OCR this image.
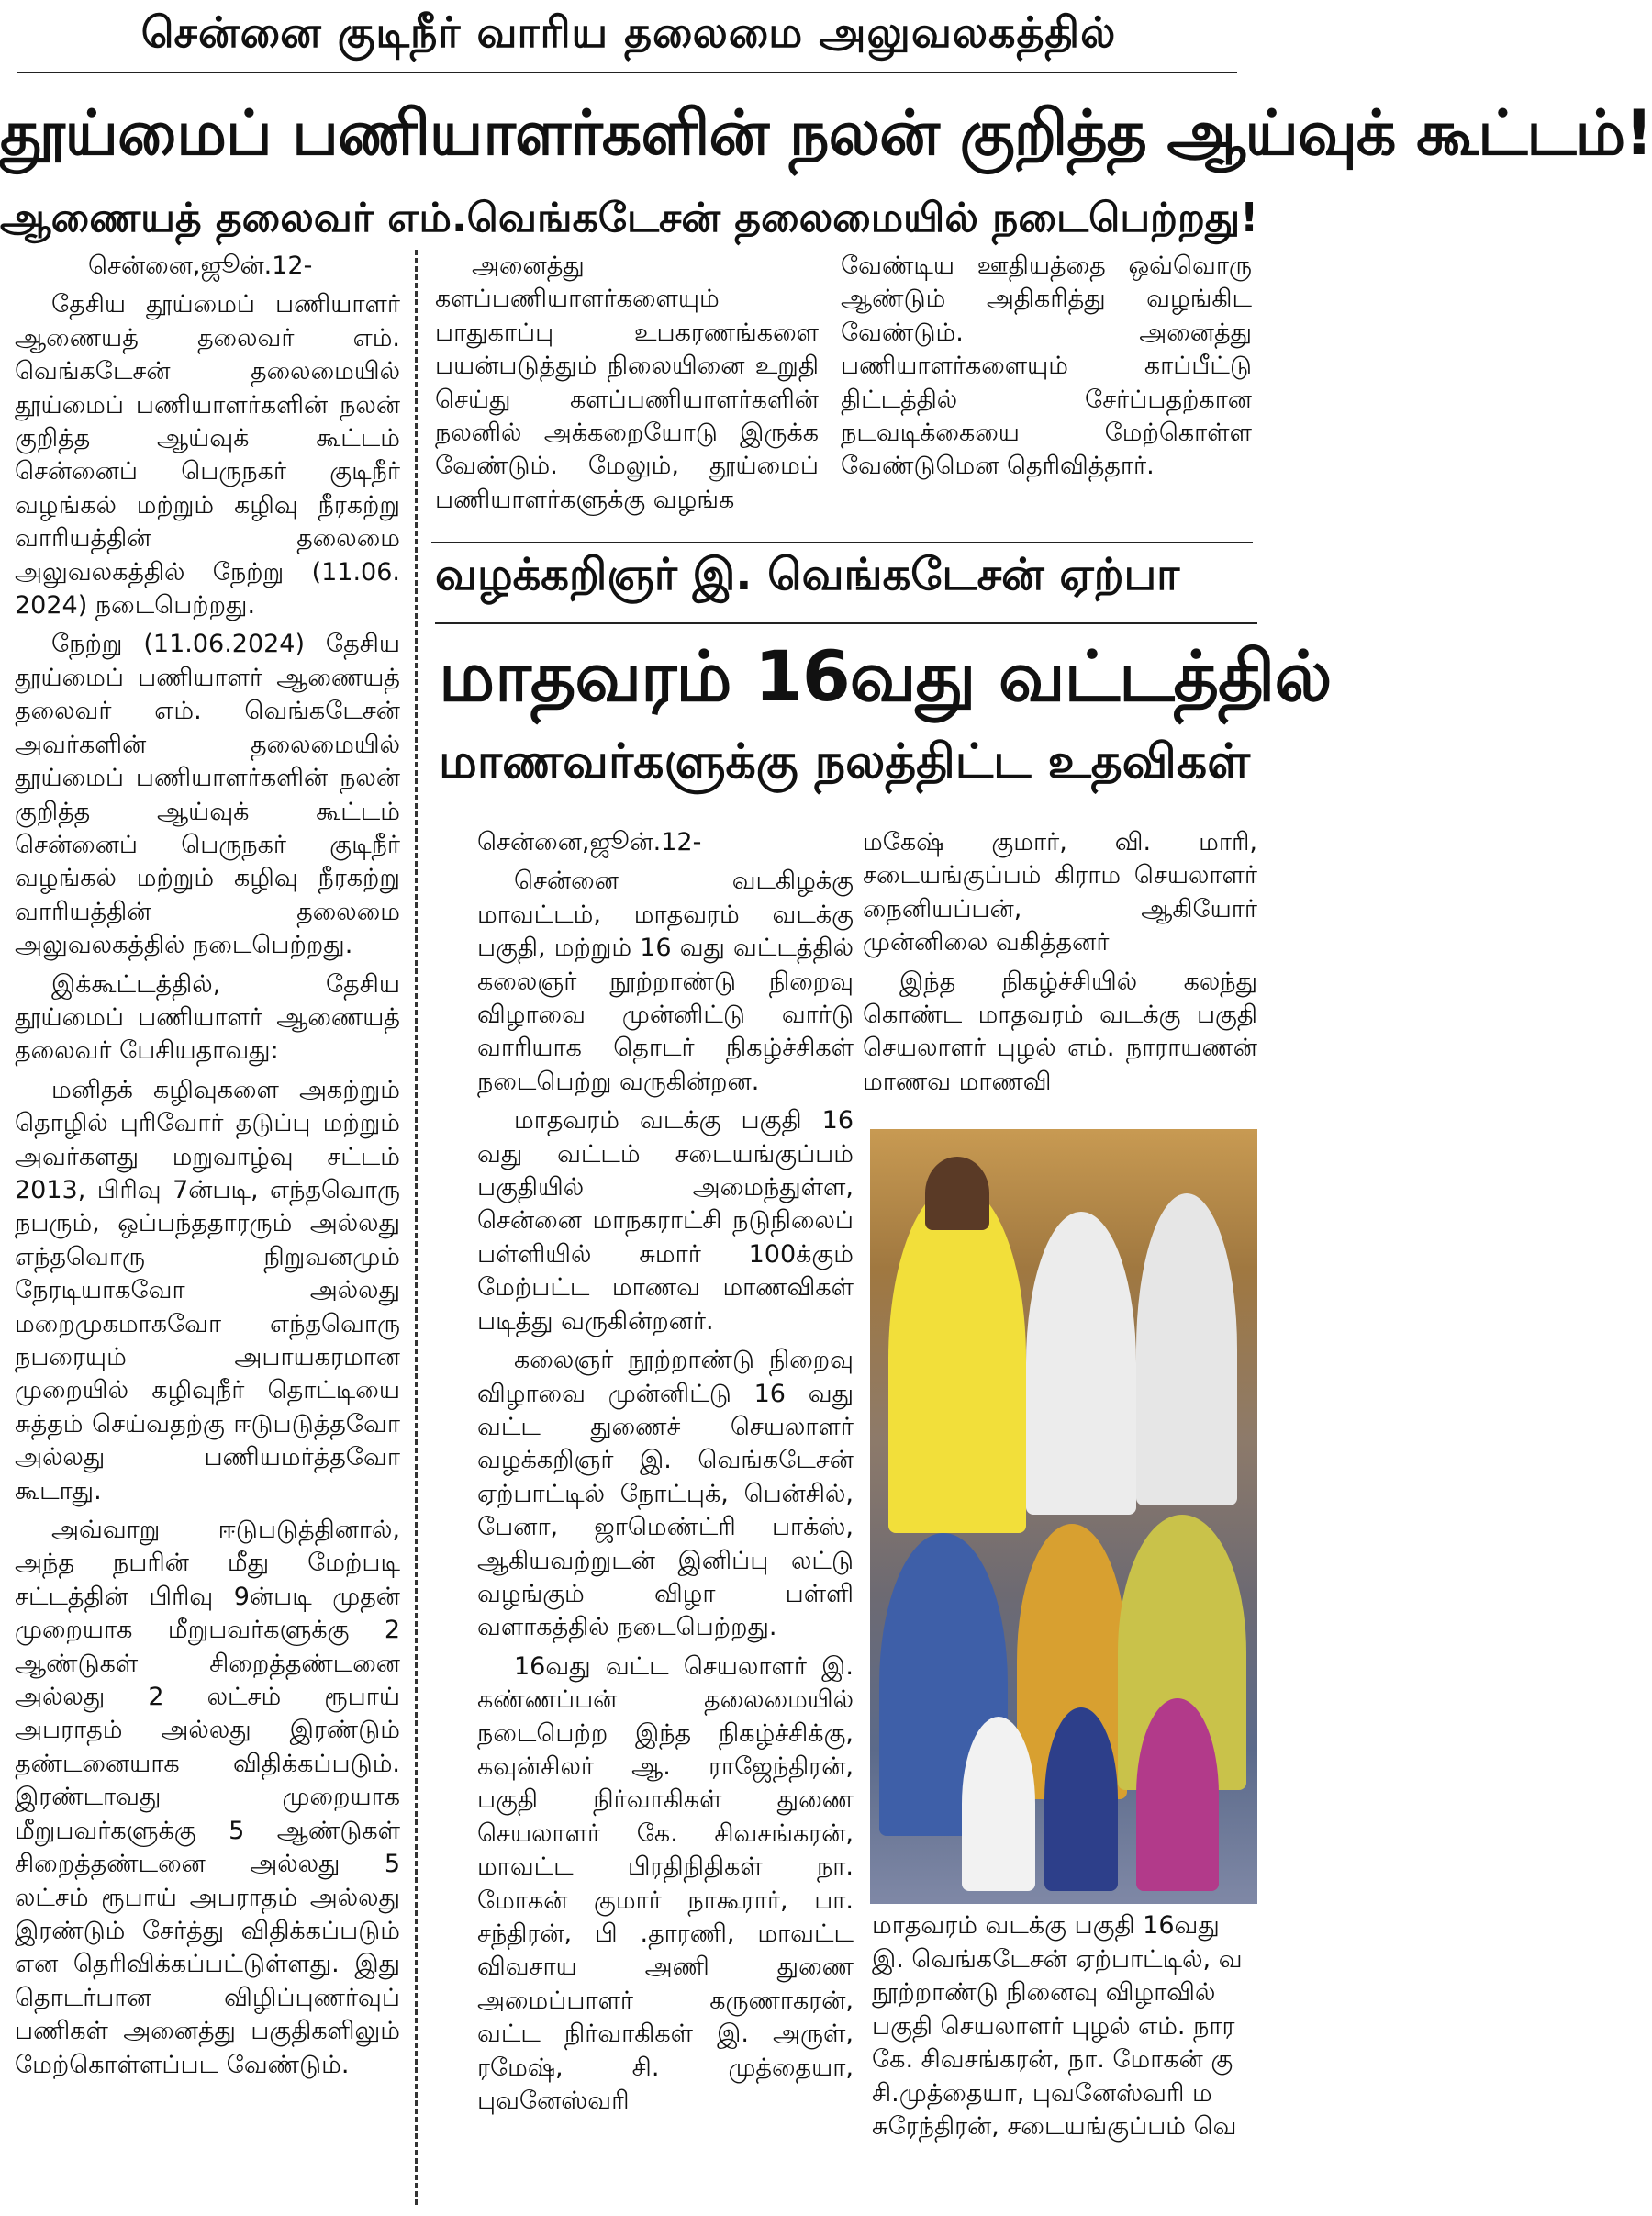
சென்னை குடிநீர் வாரிய தலைமை அலுவலகத்தில்
தூய்மைப் பணியாளர்களின் நலன் குறித்த ஆய்வுக் கூட்டம்!
ஆணையத் தலைவர் எம்.வெங்கடேசன் தலைமையில் நடைபெற்றது!

சென்னை,ஜூன்.12-

தேசிய தூய்மைப் பணியாளர் ஆணையத் தலைவர் எம். வெங்கடேசன் தலைமையில் தூய்மைப் பணியாளர்களின் நலன் குறித்த ஆய்வுக் கூட்டம் சென்னைப் பெருநகர் குடிநீர் வழங்கல் மற்றும் கழிவு நீரகற்று வாரியத்தின் தலைமை அலுவலகத்தில் நேற்று (11.06. 2024) நடைபெற்றது.

நேற்று (11.06.2024) தேசிய தூய்மைப் பணியாளர் ஆணையத் தலைவர் எம். வெங்கடேசன் அவர்களின் தலைமையில் தூய்மைப் பணியாளர்களின் நலன் குறித்த ஆய்வுக் கூட்டம் சென்னைப் பெருநகர் குடிநீர் வழங்கல் மற்றும் கழிவு நீரகற்று வாரியத்தின் தலைமை அலுவலகத்தில் நடைபெற்றது.

இக்கூட்டத்தில், தேசிய தூய்மைப் பணியாளர் ஆணையத் தலைவர் பேசியதாவது:

மனிதக் கழிவுகளை அகற்றும் தொழில் புரிவோர் தடுப்பு மற்றும் அவர்களது மறுவாழ்வு சட்டம் 2013, பிரிவு 7ன்படி, எந்தவொரு நபரும், ஒப்பந்ததாரரும் அல்லது எந்தவொரு நிறுவனமும் நேரடியாகவோ அல்லது மறைமுகமாகவோ எந்தவொரு நபரையும் அபாயகரமான முறையில் கழிவுநீர் தொட்டியை சுத்தம் செய்வதற்கு ஈடுபடுத்தவோ அல்லது பணியமர்த்தவோ கூடாது.

அவ்வாறு ஈடுபடுத்தினால், அந்த நபரின் மீது மேற்படி சட்டத்தின் பிரிவு 9ன்படி முதன் முறையாக மீறுபவர்களுக்கு 2 ஆண்டுகள் சிறைத்தண்டனை அல்லது 2 லட்சம் ரூபாய் அபராதம் அல்லது இரண்டும் தண்டனையாக விதிக்கப்படும். இரண்டாவது முறையாக மீறுபவர்களுக்கு 5 ஆண்டுகள் சிறைத்தண்டனை அல்லது 5 லட்சம் ரூபாய் அபராதம் அல்லது இரண்டும் சேர்த்து விதிக்கப்படும் என தெரிவிக்கப்பட்டுள்ளது. இது தொடர்பான விழிப்புணர்வுப் பணிகள் அனைத்து பகுதிகளிலும் மேற்கொள்ளப்பட வேண்டும்.

அனைத்து களப்பணியாளர்களையும் பாதுகாப்பு உபகரணங்களை பயன்படுத்தும் நிலையினை உறுதி செய்து களப்பணியாளர்களின் நலனில் அக்கறையோடு இருக்க வேண்டும். மேலும், தூய்மைப் பணியாளர்களுக்கு வழங்க

வேண்டிய ஊதியத்தை ஒவ்வொரு ஆண்டும் அதிகரித்து வழங்கிட வேண்டும். அனைத்து பணியாளர்களையும் காப்பீட்டு திட்டத்தில் சேர்ப்பதற்கான நடவடிக்கையை மேற்கொள்ள வேண்டுமென தெரிவித்தார்.

வழக்கறிஞர் இ. வெங்கடேசன் ஏற்பா
மாதவரம் 16வது வட்டத்தில்
மாணவர்களுக்கு நலத்திட்ட உதவிகள்

சென்னை,ஜூன்.12-

சென்னை வடகிழக்கு மாவட்டம், மாதவரம் வடக்கு பகுதி, மற்றும் 16 வது வட்டத்தில் கலைஞர் நூற்றாண்டு நிறைவு விழாவை முன்னிட்டு வார்டு வாரியாக தொடர் நிகழ்ச்சிகள் நடைபெற்று வருகின்றன.

மாதவரம் வடக்கு பகுதி 16 வது வட்டம் சடையங்குப்பம் பகுதியில் அமைந்துள்ள, சென்னை மாநகராட்சி நடுநிலைப் பள்ளியில் சுமார் 100க்கும் மேற்பட்ட மாணவ மாணவிகள் படித்து வருகின்றனர்.

கலைஞர் நூற்றாண்டு நிறைவு விழாவை முன்னிட்டு 16 வது வட்ட துணைச் செயலாளர் வழக்கறிஞர் இ. வெங்கடேசன் ஏற்பாட்டில் நோட்புக், பென்சில், பேனா, ஜாமெண்ட்ரி பாக்ஸ், ஆகியவற்றுடன் இனிப்பு லட்டு வழங்கும் விழா பள்ளி வளாகத்தில் நடைபெற்றது.

16வது வட்ட செயலாளர் இ. கண்ணப்பன் தலைமையில் நடைபெற்ற இந்த நிகழ்ச்சிக்கு, கவுன்சிலர் ஆ. ராஜேந்திரன், பகுதி நிர்வாகிகள் துணை செயலாளர் கே. சிவசங்கரன், மாவட்ட பிரதிநிதிகள் நா. மோகன் குமார் நாகூரார், பா. சந்திரன், பி .தாரணி, மாவட்ட விவசாய அணி துணை அமைப்பாளர் கருணாகரன், வட்ட நிர்வாகிகள் இ. அருள், ரமேஷ், சி. முத்தையா, புவனேஸ்வரி

மகேஷ் குமார், வி. மாரி, சடையங்குப்பம் கிராம செயலாளர் நைனியப்பன், ஆகியோர் முன்னிலை வகித்தனர்

இந்த நிகழ்ச்சியில் கலந்து கொண்ட மாதவரம் வடக்கு பகுதி செயலாளர் புழல் எம். நாராயணன் மாணவ மாணவி

மாதவரம் வடக்கு பகுதி 16வது
இ. வெங்கடேசன் ஏற்பாட்டில், வ
நூற்றாண்டு நினைவு விழாவில்
பகுதி செயலாளர் புழல் எம். நார
கே. சிவசங்கரன், நா. மோகன் கு
சி.முத்தையா, புவனேஸ்வரி ம
சுரேந்திரன், சடையங்குப்பம் வெ
